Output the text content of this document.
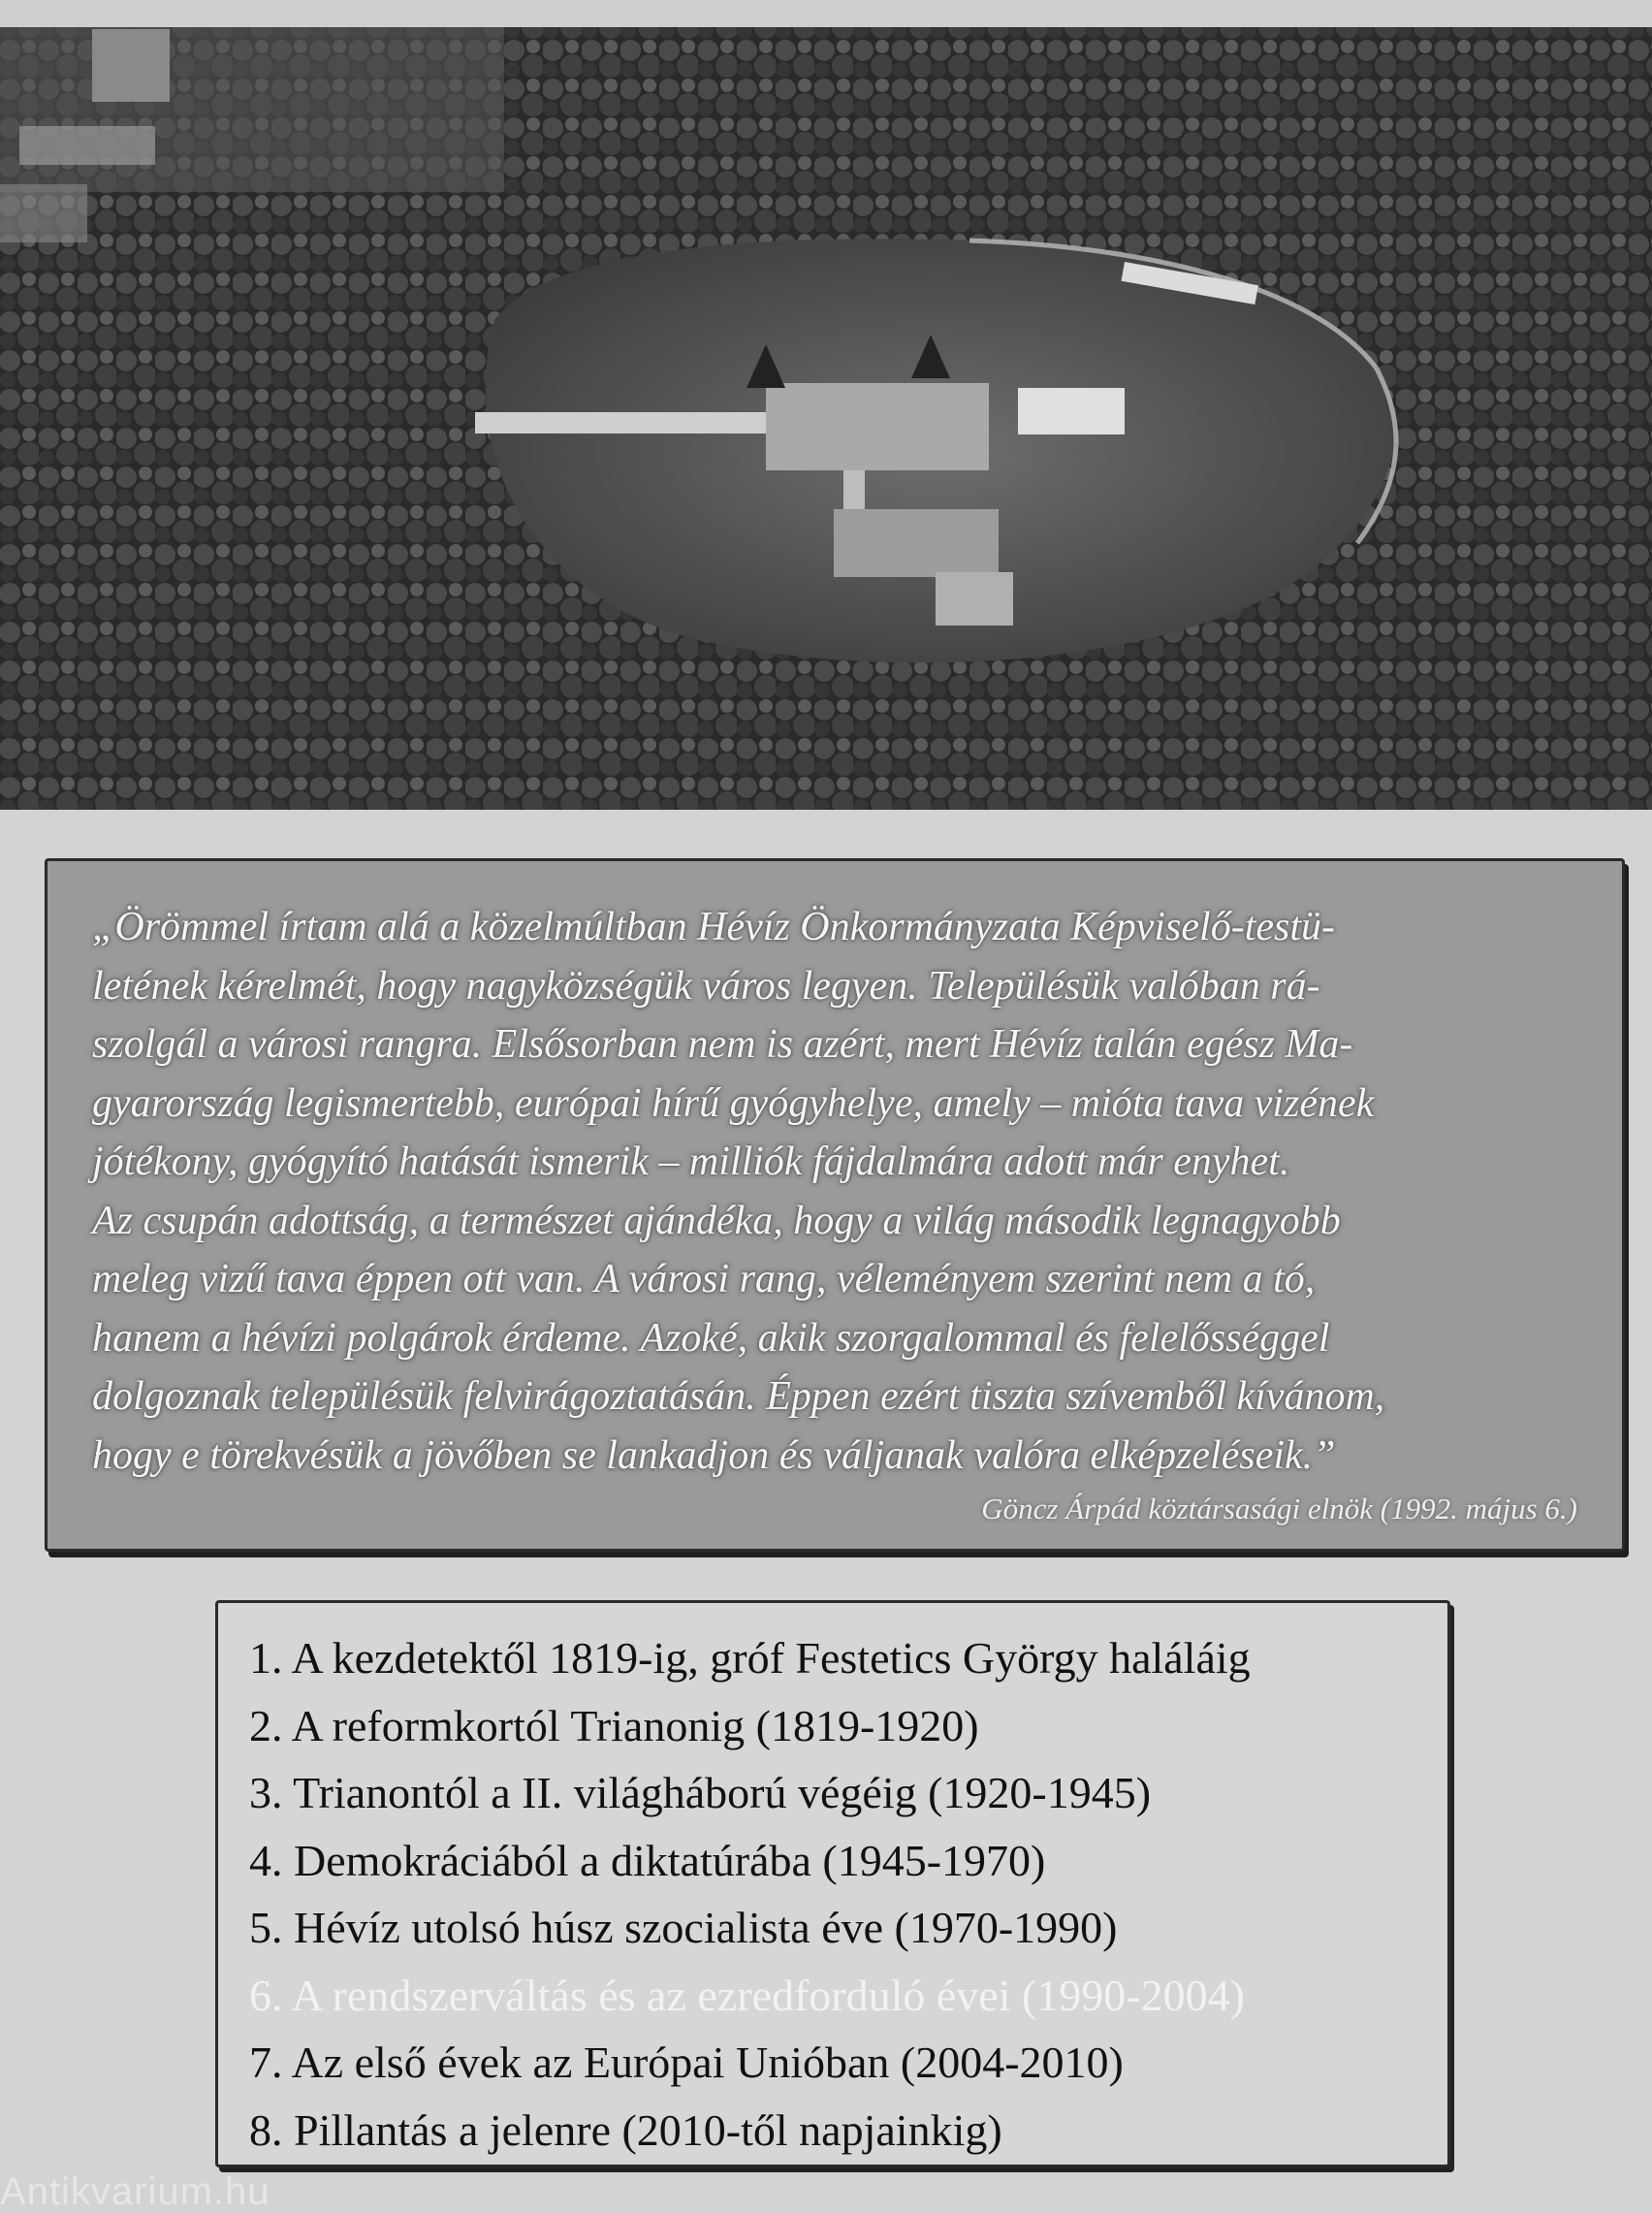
„Örömmel írtam alá a közelmúltban Hévíz Önkormányzata Képviselő-testü-
letének kérelmét, hogy nagyközségük város legyen. Településük valóban rá-
szolgál a városi rangra. Elsősorban nem is azért, mert Hévíz talán egész Ma-
gyarország legismertebb, európai hírű gyógyhelye, amely – mióta tava vizének
jótékony, gyógyító hatását ismerik – milliók fájdalmára adott már enyhet.
Az csupán adottság, a természet ajándéka, hogy a világ második legnagyobb
meleg vizű tava éppen ott van. A városi rang, véleményem szerint nem a tó,
hanem a hévízi polgárok érdeme. Azoké, akik szorgalommal és felelősséggel
dolgoznak településük felvirágoztatásán. Éppen ezért tiszta szívemből kívánom,
hogy e törekvésük a jövőben se lankadjon és váljanak valóra elképzeléseik.”

Göncz Árpád köztársasági elnök (1992. május 6.)
1. A kezdetektől 1819-ig, gróf Festetics György haláláig
2. A reformkortól Trianonig (1819-1920)
3. Trianontól a II. világháború végéig (1920-1945)
4. Demokráciából a diktatúrába (1945-1970)
5. Hévíz utolsó húsz szocialista éve (1970-1990)
6. A rendszerváltás és az ezredforduló évei (1990-2004)
7. Az első évek az Európai Unióban (2004-2010)
8. Pillantás a jelenre (2010-től napjainkig)
Antikvarium.hu
